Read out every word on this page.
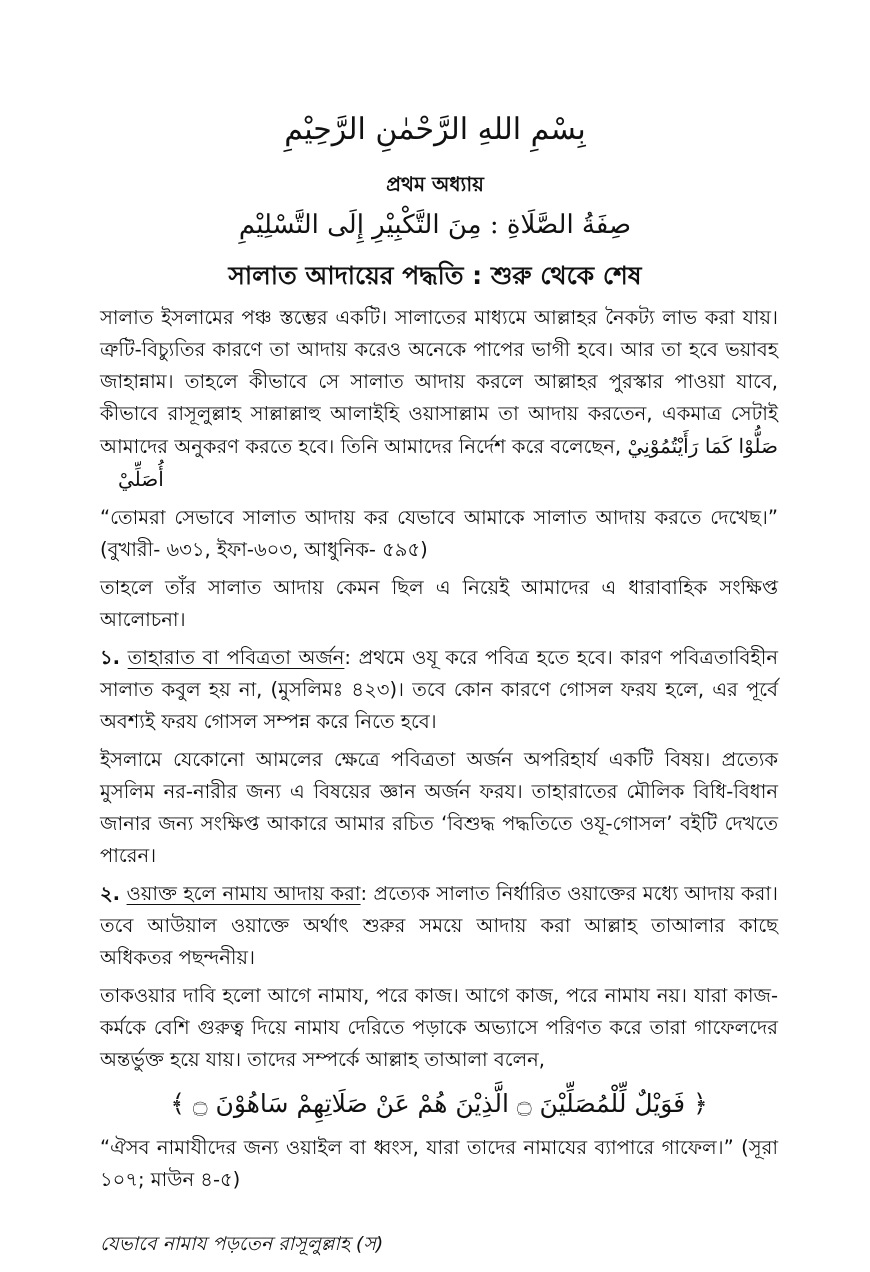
بِسْمِ اللهِ الرَّحْمٰنِ الرَّحِيْمِ
প্রথম অধ্যায়
صِفَةُ الصَّلَاةِ : مِنَ التَّكْبِيْرِ إِلَى التَّسْلِيْمِ
সালাত আদায়ের পদ্ধতি : শুরু থেকে শেষ

সালাত ইসলামের পঞ্চ স্তম্ভের একটি। সালাতের মাধ্যমে আল্লাহর নৈকট্য লাভ করা যায়। ত্রুটি-বিচ্যুতির কারণে তা আদায় করেও অনেকে পাপের ভাগী হবে। আর তা হবে ভয়াবহ জাহান্নাম। তাহলে কীভাবে সে সালাত আদায় করলে আল্লাহর পুরস্কার পাওয়া যাবে, কীভাবে রাসূলুল্লাহ সাল্লাল্লাহু আলাইহি ওয়াসাল্লাম তা আদায় করতেন, একমাত্র সেটাই আমাদের অনুকরণ করতে হবে। তিনি আমাদের নির্দেশ করে বলেছেন, صَلُّوْا كَمَا رَأَيْتُمُوْنِيْ أُصَلِّيْ

“তোমরা সেভাবে সালাত আদায় কর যেভাবে আমাকে সালাত আদায় করতে দেখেছ।” (বুখারী- ৬৩১, ইফা-৬০৩, আধুনিক- ৫৯৫)

তাহলে তাঁর সালাত আদায় কেমন ছিল এ নিয়েই আমাদের এ ধারাবাহিক সংক্ষিপ্ত আলোচনা।

১. তাহারাত বা পবিত্রতা অর্জন: প্রথমে ওযূ করে পবিত্র হতে হবে। কারণ পবিত্রতাবিহীন সালাত কবুল হয় না, (মুসলিমঃ ৪২৩)। তবে কোন কারণে গোসল ফরয হলে, এর পূর্বে অবশ্যই ফরয গোসল সম্পন্ন করে নিতে হবে।

ইসলামে যেকোনো আমলের ক্ষেত্রে পবিত্রতা অর্জন অপরিহার্য একটি বিষয়। প্রত্যেক মুসলিম নর-নারীর জন্য এ বিষয়ের জ্ঞান অর্জন ফরয। তাহারাতের মৌলিক বিধি-বিধান জানার জন্য সংক্ষিপ্ত আকারে আমার রচিত ‘বিশুদ্ধ পদ্ধতিতে ওযূ-গোসল’ বইটি দেখতে পারেন।

২. ওয়াক্ত হলে নামায আদায় করা: প্রত্যেক সালাত নির্ধারিত ওয়াক্তের মধ্যে আদায় করা। তবে আউয়াল ওয়াক্তে অর্থাৎ শুরুর সময়ে আদায় করা আল্লাহ তাআলার কাছে অধিকতর পছন্দনীয়।

তাকওয়ার দাবি হলো আগে নামায, পরে কাজ। আগে কাজ, পরে নামায নয়। যারা কাজ-কর্মকে বেশি গুরুত্ব দিয়ে নামায দেরিতে পড়াকে অভ্যাসে পরিণত করে তারা গাফেলদের অন্তর্ভুক্ত হয়ে যায়। তাদের সম্পর্কে আল্লাহ তাআলা বলেন,

﴿ فَوَيْلٌ لِّلْمُصَلِّيْنَ ۝ الَّذِيْنَ هُمْ عَنْ صَلَاتِهِمْ سَاهُوْنَ ۝ ﴾

“ঐসব নামাযীদের জন্য ওয়াইল বা ধ্বংস, যারা তাদের নামাযের ব্যাপারে গাফেল।” (সূরা ১০৭; মাউন ৪-৫)

যেভাবে নামায পড়তেন রাসূলুল্লাহ (স)
